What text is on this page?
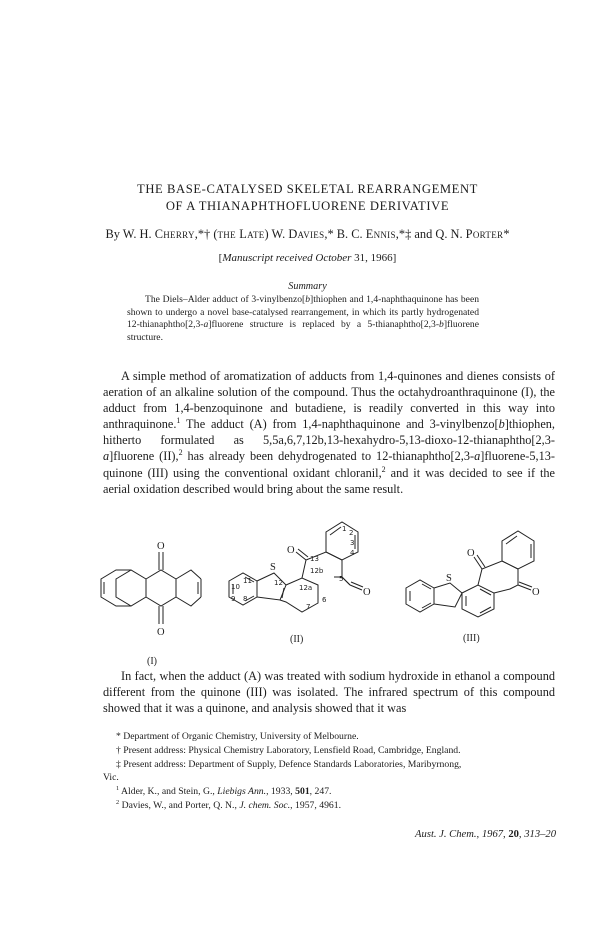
THE BASE-CATALYSED SKELETAL REARRANGEMENT
OF A THIANAPHTHOFLUORENE DERIVATIVE
By W. H. Cherry,*† (the Late) W. Davies,* B. C. Ennis,*‡ and Q. N. Porter*
[Manuscript received October 31, 1966]
Summary
The Diels–Alder adduct of 3-vinylbenzo[b]thiophen and 1,4-naphthaquinone has been shown to undergo a novel base-catalysed rearrangement, in which its partly hydrogenated 12-thianaphtho[2,3-a]fluorene structure is replaced by a 5-thianaphtho[2,3-b]fluorene structure.
A simple method of aromatization of adducts from 1,4-quinones and dienes consists of aeration of an alkaline solution of the compound. Thus the octahydroanthraquinone (I), the adduct from 1,4-benzoquinone and butadiene, is readily converted in this way into anthraquinone.$^1$ The adduct (A) from 1,4-naphthaquinone and 3-vinylbenzo[b]thiophen, hitherto formulated as 5,5a,6,7,12b,13-hexahydro-5,13-dioxo-12-thianaphtho[2,3-a]fluorene (II),$^2$ has already been dehydrogenated to 12-thianaphtho[2,3-a]fluorene-5,13-quinone (III) using the conventional oxidant chloranil,$^2$ and it was decided to see if the aerial oxidation described would bring about the same result.
O
O
(I)
O
O
S
1 2
3
4
5
6
7
8
9
10
11	12
12a
12b
13
(II)
O
O
S
(III)
In fact, when the adduct (A) was treated with sodium hydroxide in ethanol a compound different from the quinone (III) was isolated. The infrared spectrum of this compound showed that it was a quinone, and analysis showed that it was
* Department of Organic Chemistry, University of Melbourne.
† Present address: Physical Chemistry Laboratory, Lensfield Road, Cambridge, England.
‡ Present address: Department of Supply, Defence Standards Laboratories, Maribyrnong,
Vic.
$^1$ Alder, K., and Stein, G., Liebigs Ann., 1933, 501, 247.
$^2$ Davies, W., and Porter, Q. N., J. chem. Soc., 1957, 4961.
Aust. J. Chem., 1967, 20, 313–20
